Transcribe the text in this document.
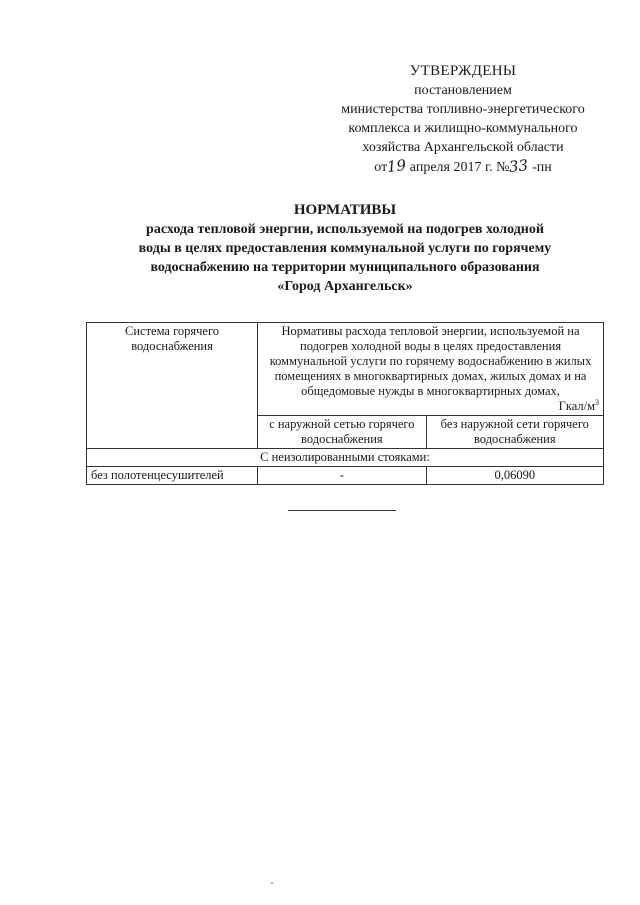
УТВЕРЖДЕНЫ
постановлением
министерства топливно-энергетического
комплекса и жилищно-коммунального
хозяйства Архангельской области
от19 апреля 2017 г. №33 -пн
НОРМАТИВЫ
расхода тепловой энергии, используемой на подогрев холодной
воды в целях предоставления коммунальной услуги по горячему
водоснабжению на территории муниципального образования
«Город Архангельск»
Система горячего водоснабжения	Нормативы расхода тепловой энергии, используемой на подогрев холодной воды в целях предоставления коммунальной услуги по горячему водоснабжению в жилых помещениях в многоквартирных домах, жилых домах и на общедомовые нужды в многоквартирных домах,
Гкал/$м^3$

	с наружной сетью горячего водоснабжения	без наружной сети горячего водоснабжения
С неизолированными стояками:		
без полотенцесушителей	-	0,06090
